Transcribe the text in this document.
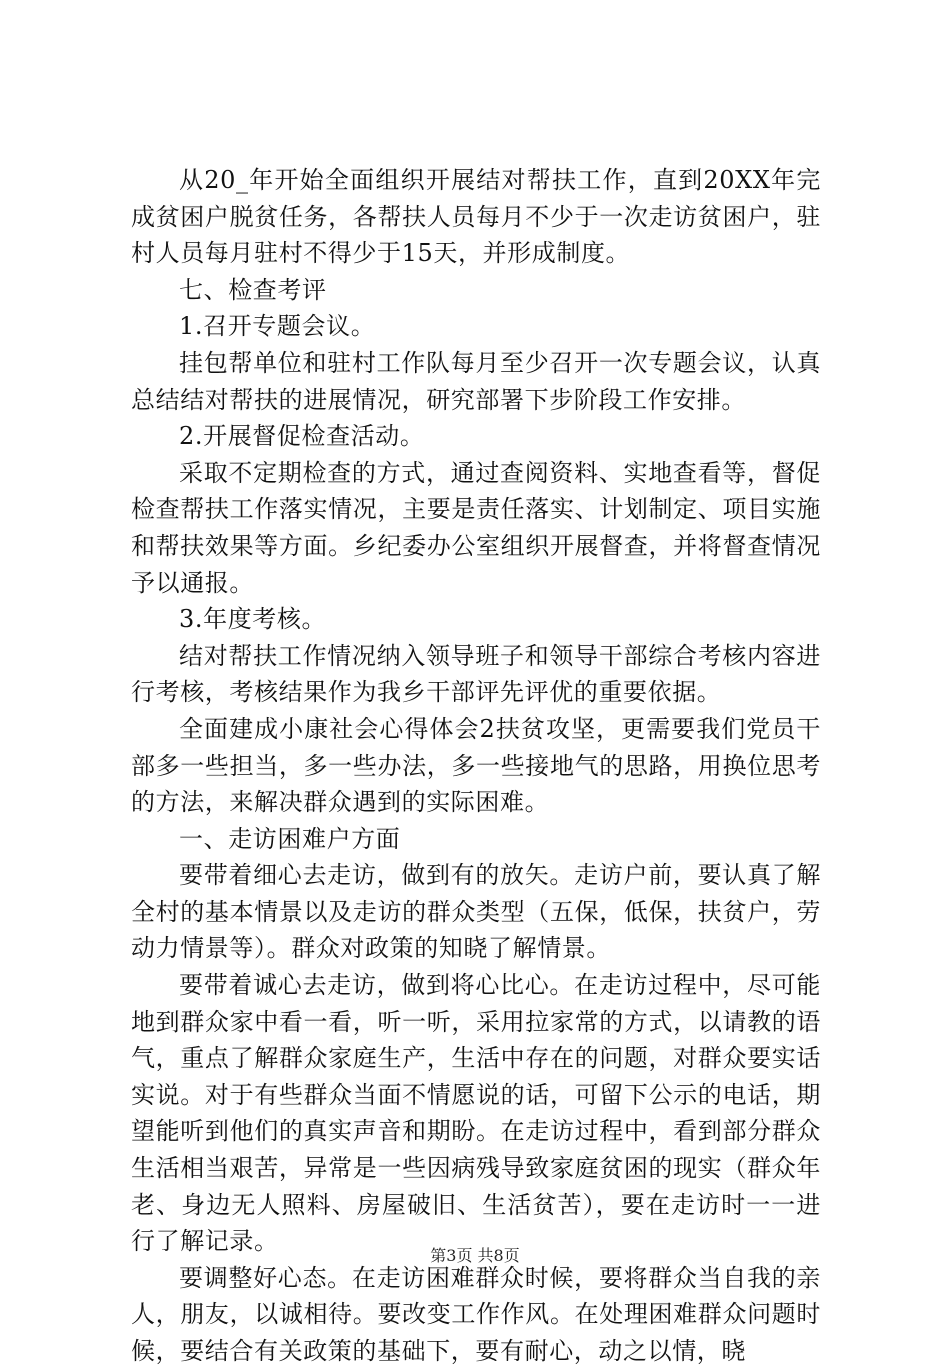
从20_年开始全面组织开展结对帮扶工作，直到20XX年完成贫困户脱贫任务，各帮扶人员每月不少于一次走访贫困户，驻村人员每月驻村不得少于15天，并形成制度。

七、检查考评

1.召开专题会议。

挂包帮单位和驻村工作队每月至少召开一次专题会议，认真总结结对帮扶的进展情况，研究部署下步阶段工作安排。

2.开展督促检查活动。

采取不定期检查的方式，通过查阅资料、实地查看等，督促检查帮扶工作落实情况，主要是责任落实、计划制定、项目实施和帮扶效果等方面。乡纪委办公室组织开展督查，并将督查情况予以通报。

3.年度考核。

结对帮扶工作情况纳入领导班子和领导干部综合考核内容进行考核，考核结果作为我乡干部评先评优的重要依据。

全面建成小康社会心得体会2扶贫攻坚，更需要我们党员干部多一些担当，多一些办法，多一些接地气的思路，用换位思考的方法，来解决群众遇到的实际困难。

一、走访困难户方面

要带着细心去走访，做到有的放矢。走访户前，要认真了解全村的基本情景以及走访的群众类型（五保，低保，扶贫户，劳动力情景等）。群众对政策的知晓了解情景。

要带着诚心去走访，做到将心比心。在走访过程中，尽可能地到群众家中看一看，听一听，采用拉家常的方式，以请教的语气，重点了解群众家庭生产，生活中存在的问题，对群众要实话实说。对于有些群众当面不情愿说的话，可留下公示的电话，期望能听到他们的真实声音和期盼。在走访过程中，看到部分群众生活相当艰苦，异常是一些因病残导致家庭贫困的现实（群众年老、身边无人照料、房屋破旧、生活贫苦），要在走访时一一进行了解记录。

要调整好心态。在走访困难群众时候，要将群众当自我的亲人，朋友，以诚相待。要改变工作作风。在处理困难群众问题时候，要结合有关政策的基础下，要有耐心，动之以情，晓

第3页 共8页
